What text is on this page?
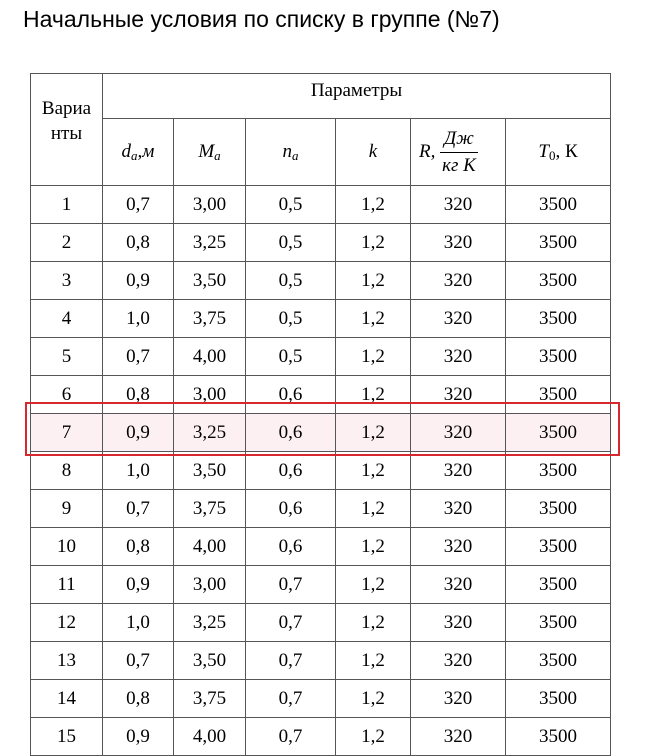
Начальные условия по списку в группе (№7)
Вариа
нты	Параметры					
	$d_a,м$	$M_a$	$n_a$	k	R, $\frac{Дж}{\text{кг К}}$	T0, К
1	0,7	3,00	0,5	1,2	320	3500
2	0,8	3,25	0,5	1,2	320	3500
3	0,9	3,50	0,5	1,2	320	3500
4	1,0	3,75	0,5	1,2	320	3500
5	0,7	4,00	0,5	1,2	320	3500
6	0,8	3,00	0,6	1,2	320	3500
7	0,9	3,25	0,6	1,2	320	3500
8	1,0	3,50	0,6	1,2	320	3500
9	0,7	3,75	0,6	1,2	320	3500
10	0,8	4,00	0,6	1,2	320	3500
11	0,9	3,00	0,7	1,2	320	3500
12	1,0	3,25	0,7	1,2	320	3500
13	0,7	3,50	0,7	1,2	320	3500
14	0,8	3,75	0,7	1,2	320	3500
15	0,9	4,00	0,7	1,2	320	3500
